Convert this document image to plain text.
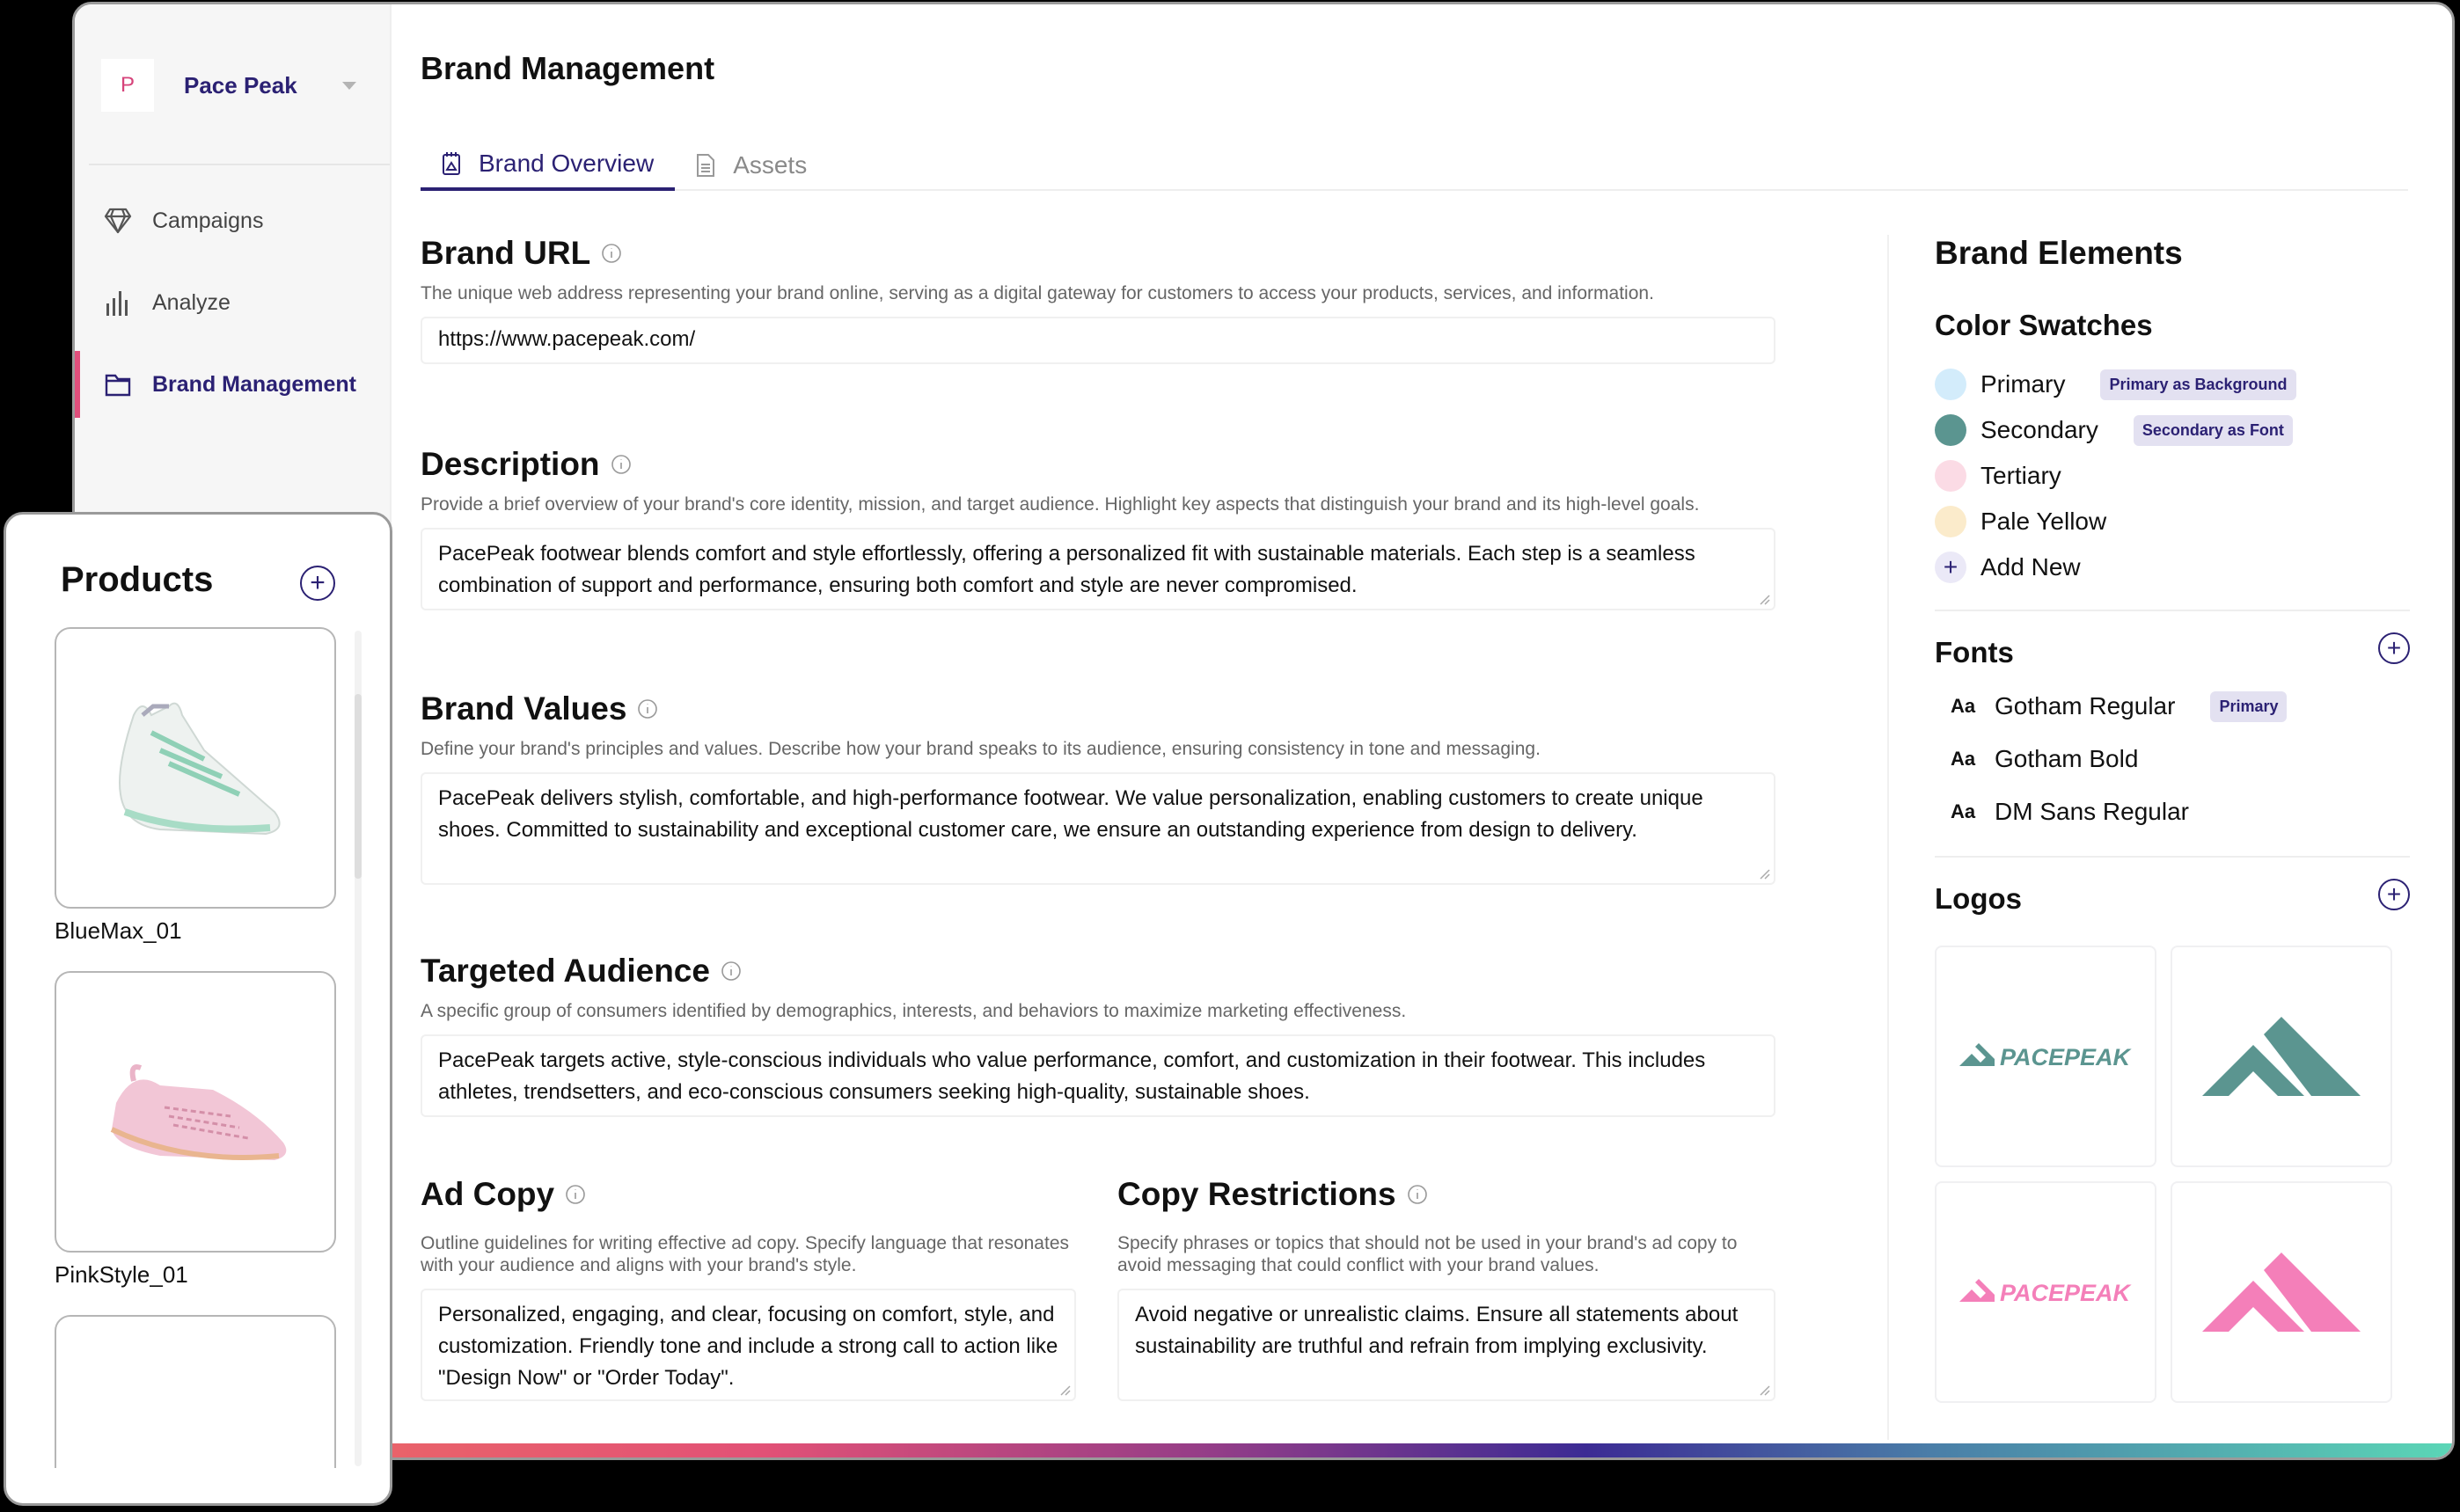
P	Pace Peak
Campaigns
Analyze
Brand Management
Brand Management
Brand Overview	Assets
Brand URL
The unique web address representing your brand online, serving as a digital gateway for customers to access your products, services, and information.
https://www.pacepeak.com/
Description
Provide a brief overview of your brand's core identity, mission, and target audience. Highlight key aspects that distinguish your brand and its high-level goals.
PacePeak footwear blends comfort and style effortlessly, offering a personalized fit with sustainable materials. Each step is a seamless combination of support and performance, ensuring both comfort and style are never compromised.
Brand Values
Define your brand's principles and values. Describe how your brand speaks to its audience, ensuring consistency in tone and messaging.
PacePeak delivers stylish, comfortable, and high-performance footwear. We value personalization, enabling customers to create unique shoes. Committed to sustainability and exceptional customer care, we ensure an outstanding experience from design to delivery.
Targeted Audience
A specific group of consumers identified by demographics, interests, and behaviors to maximize marketing effectiveness.
PacePeak targets active, style-conscious individuals who value performance, comfort, and customization in their footwear. This includes athletes, trendsetters, and eco-conscious consumers seeking high-quality, sustainable shoes.
Ad Copy
Outline guidelines for writing effective ad copy. Specify language that resonates with your audience and aligns with your brand's style.
Personalized, engaging, and clear, focusing on comfort, style, and customization. Friendly tone and include a strong call to action like "Design Now" or "Order Today".
Copy Restrictions
Specify phrases or topics that should not be used in your brand's ad copy to avoid messaging that could conflict with your brand values.
Avoid negative or unrealistic claims. Ensure all statements about sustainability are truthful and refrain from implying exclusivity.
Brand Elements
Color Swatches
Primary	Primary as Background
Secondary	Secondary as Font
Tertiary
Pale Yellow
+ Add New
Fonts	+
Aa Gotham Regular	Primary
Aa Gotham Bold
Aa DM Sans Regular
Logos	+
PACEPEAK
PACEPEAK
Products	+
BlueMax_01
PinkStyle_01
